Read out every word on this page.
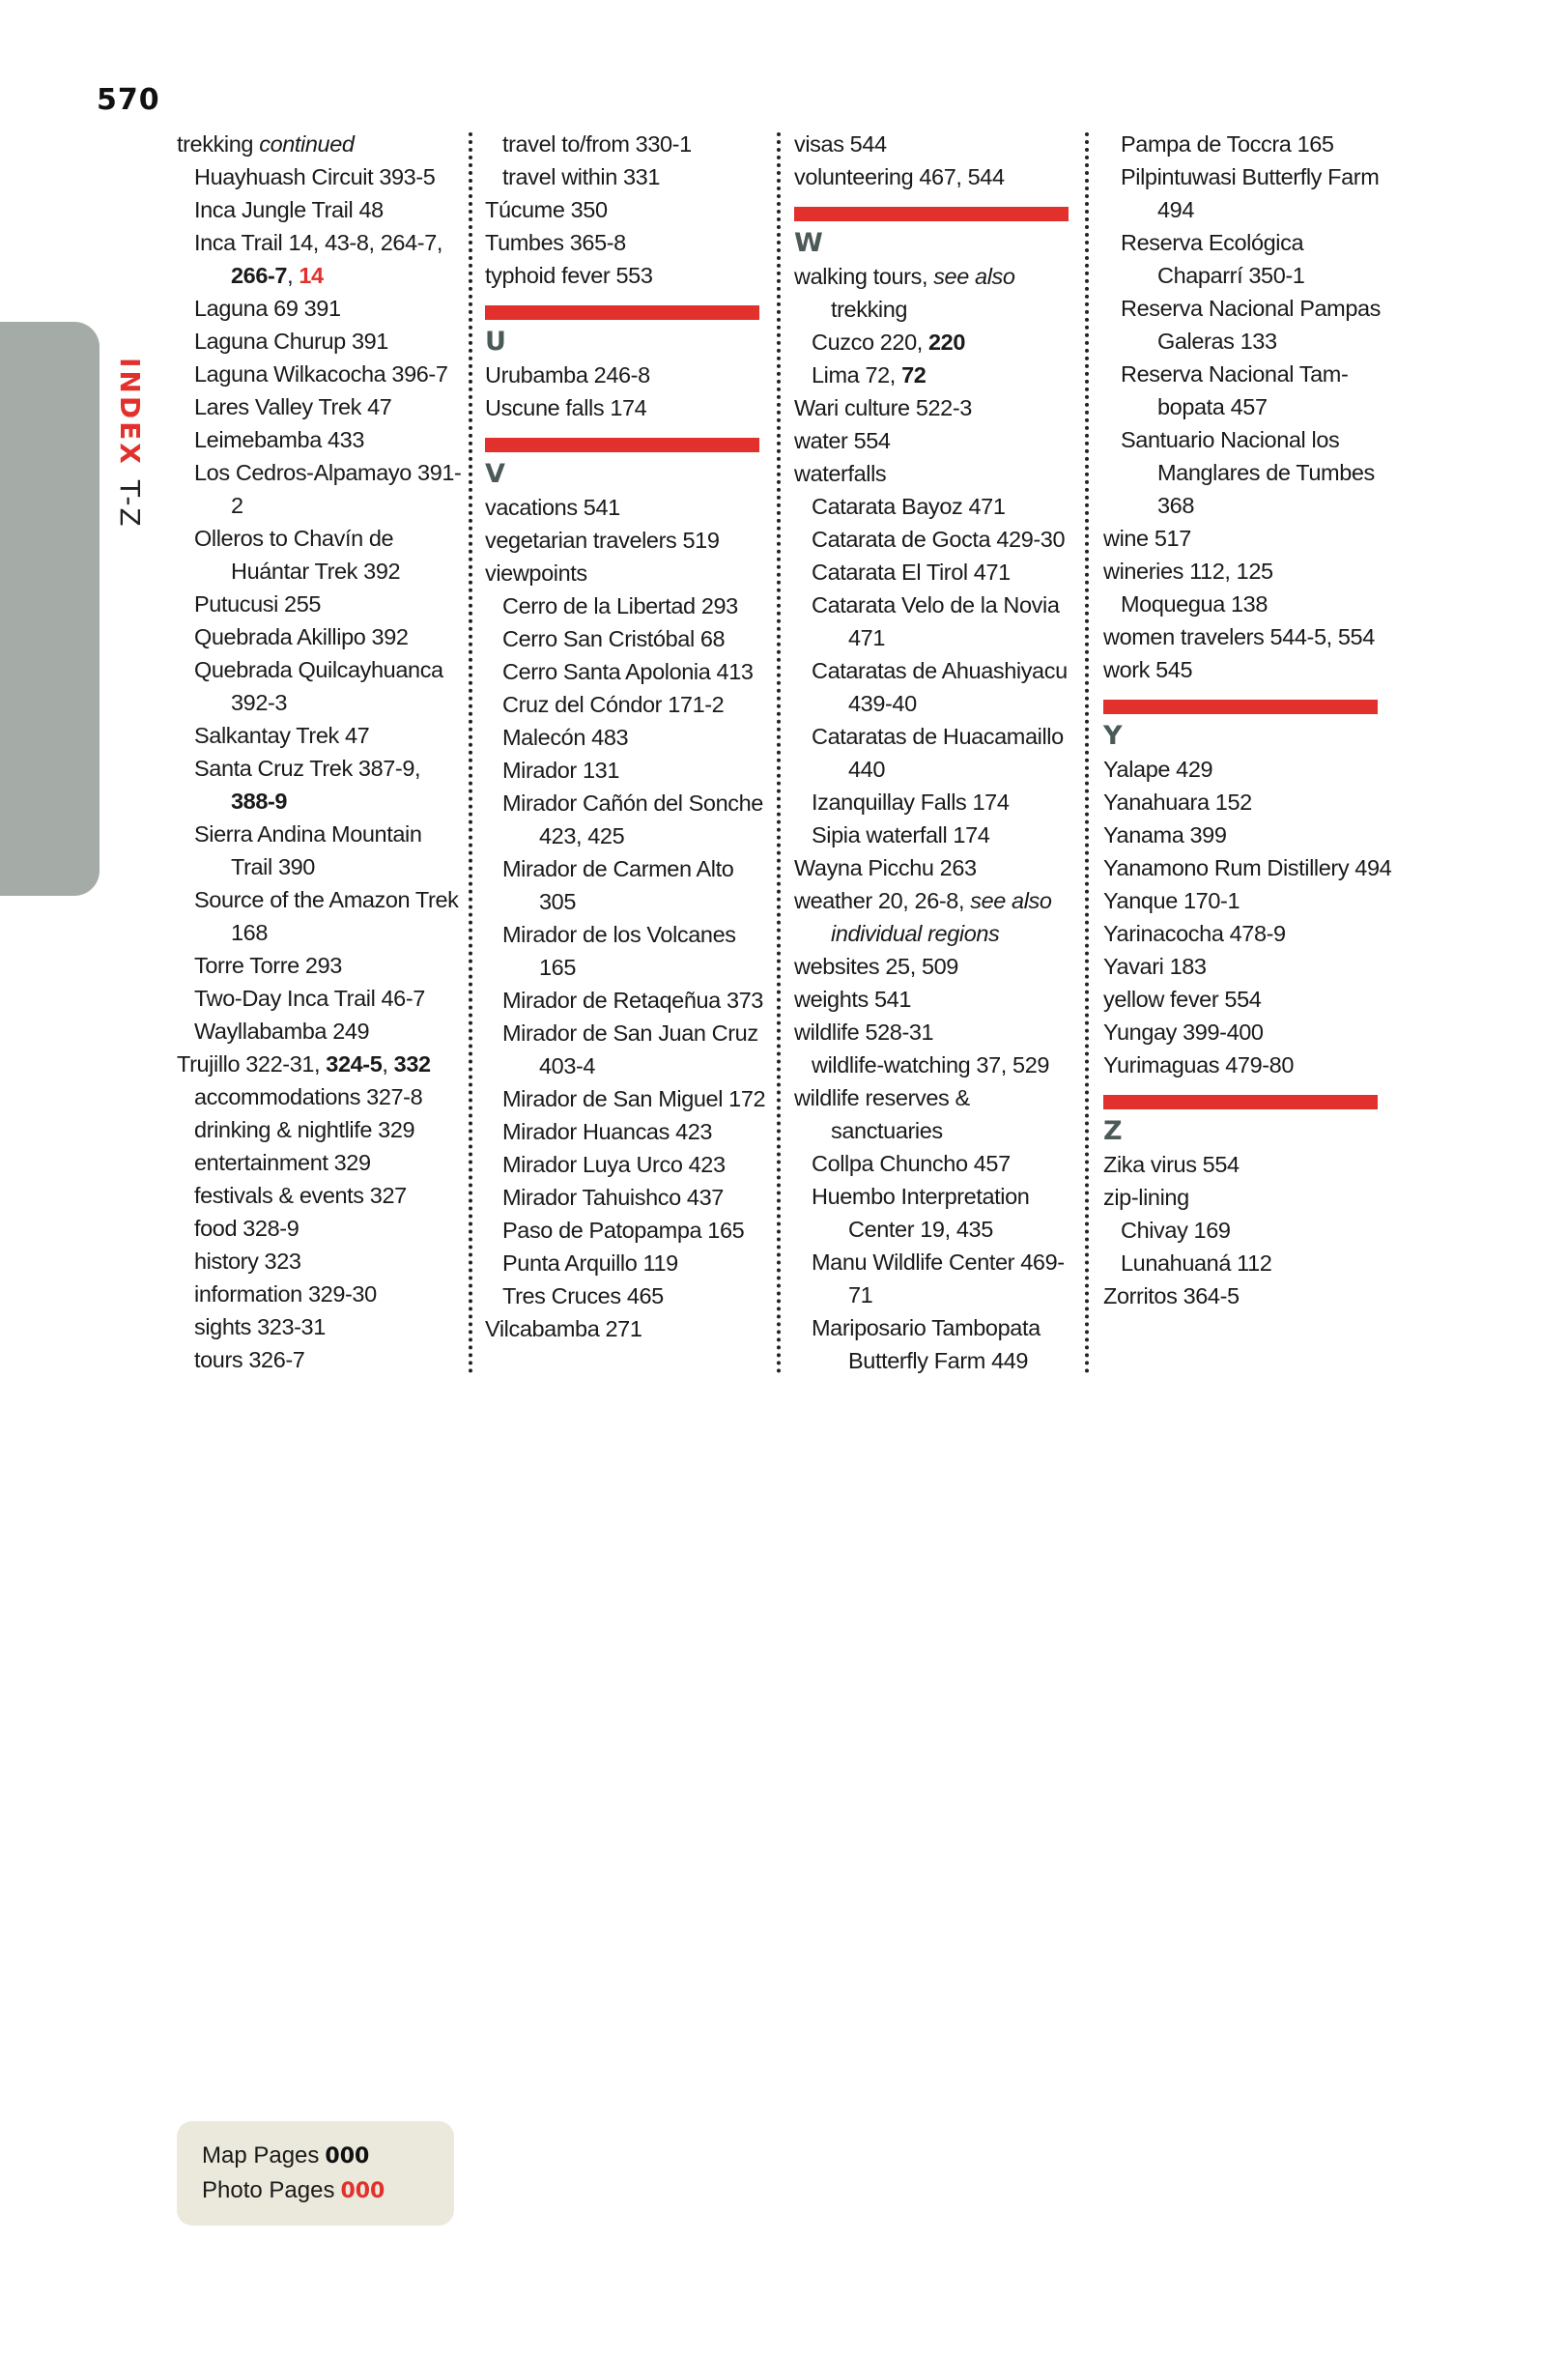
570
INDEXT-Z
trekking continued
Huayhuash Circuit 393-5
Inca Jungle Trail 48
Inca Trail 14, 43-8, 264-7, 266-7, 14
Laguna 69 391
Laguna Churup 391
Laguna Wilkacocha 396-7
Lares Valley Trek 47
Leimebamba 433
Los Cedros-Alpamayo 391-2
Olleros to Chavín de Huántar Trek 392
Putucusi 255
Quebrada Akillipo 392
Quebrada Quilcayhuanca 392-3
Salkantay Trek 47
Santa Cruz Trek 387-9, 388-9
Sierra Andina Mountain Trail 390
Source of the Amazon Trek 168
Torre Torre 293
Two-Day Inca Trail 46-7
Wayllabamba 249
Trujillo 322-31, 324-5, 332
accommodations 327-8
drinking & nightlife 329
entertainment 329
festivals & events 327
food 328-9
history 323
information 329-30
sights 323-31
tours 326-7
travel to/from 330-1
travel within 331
Túcume 350
Tumbes 365-8
typhoid fever 553
U
Urubamba 246-8
Uscune falls 174
V
vacations 541
vegetarian travelers 519
viewpoints
Cerro de la Libertad 293
Cerro San Cristóbal 68
Cerro Santa Apolonia 413
Cruz del Cóndor 171-2
Malecón 483
Mirador 131
Mirador Cañón del Sonche 423, 425
Mirador de Carmen Alto 305
Mirador de los Volcanes 165
Mirador de Retaqeñua 373
Mirador de San Juan Cruz 403-4
Mirador de San Miguel 172
Mirador Huancas 423
Mirador Luya Urco 423
Mirador Tahuishco 437
Paso de Patopampa 165
Punta Arquillo 119
Tres Cruces 465
Vilcabamba 271
visas 544
volunteering 467, 544
W
walking tours, see also trekking
Cuzco 220, 220
Lima 72, 72
Wari culture 522-3
water 554
waterfalls
Catarata Bayoz 471
Catarata de Gocta 429-30
Catarata El Tirol 471
Catarata Velo de la Novia 471
Cataratas de Ahuashiyacu 439-40
Cataratas de Huacamaillo 440
Izanquillay Falls 174
Sipia waterfall 174
Wayna Picchu 263
weather 20, 26-8, see also individual regions
websites 25, 509
weights 541
wildlife 528-31
wildlife-watching 37, 529
wildlife reserves & sanctuaries
Collpa Chuncho 457
Huembo Interpretation Center 19, 435
Manu Wildlife Center 469-71
Mariposario Tambopata Butterfly Farm 449
Pampa de Toccra 165
Pilpintuwasi Butterfly Farm 494
Reserva Ecológica Chaparrí 350-1
Reserva Nacional Pampas Galeras 133
Reserva Nacional Tam-bopata 457
Santuario Nacional los Manglares de Tumbes 368
wine 517
wineries 112, 125
Moquegua 138
women travelers 544-5, 554
work 545
Y
Yalape 429
Yanahuara 152
Yanama 399
Yanamono Rum Distillery 494
Yanque 170-1
Yarinacocha 478-9
Yavari 183
yellow fever 554
Yungay 399-400
Yurimaguas 479-80
Z
Zika virus 554
zip-lining
Chivay 169
Lunahuaná 112
Zorritos 364-5
Map Pages 000
Photo Pages 000
